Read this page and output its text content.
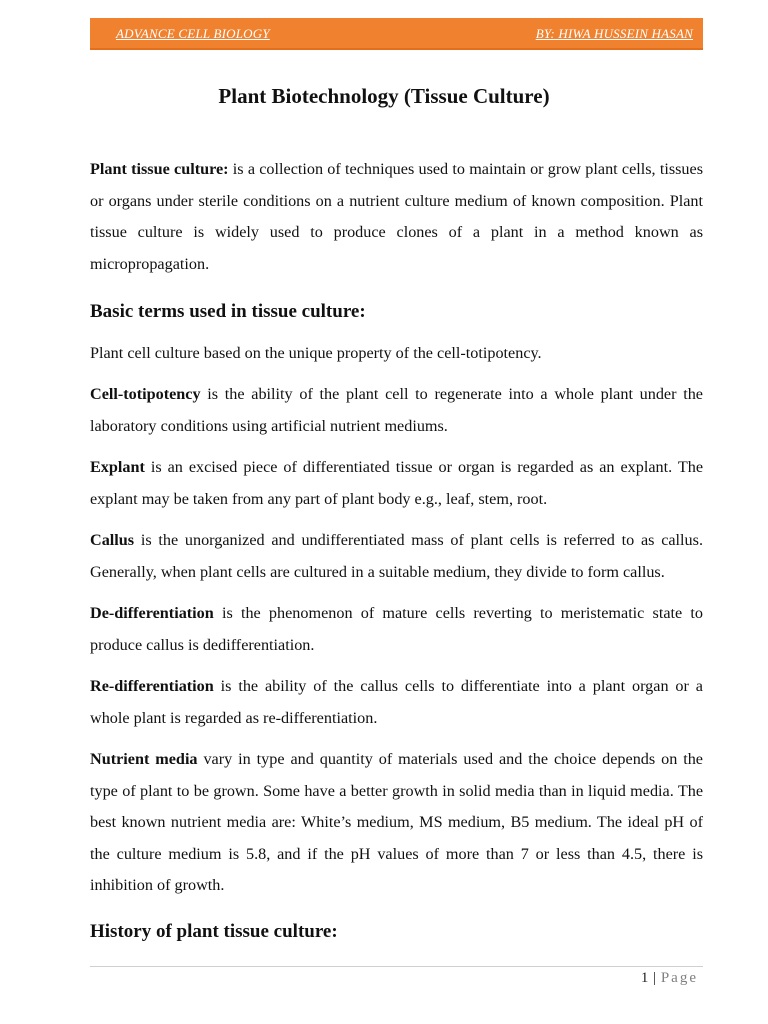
ADVANCE CELL BIOLOGY	BY: HIWA HUSSEIN HASAN
Plant Biotechnology (Tissue Culture)

Plant tissue culture: is a collection of techniques used to maintain or grow plant cells, tissues or organs under sterile conditions on a nutrient culture medium of known composition. Plant tissue culture is widely used to produce clones of a plant in a method known as micropropagation.

Basic terms used in tissue culture:

Plant cell culture based on the unique property of the cell-totipotency.

Cell-totipotency is the ability of the plant cell to regenerate into a whole plant under the laboratory conditions using artificial nutrient mediums.

Explant is an excised piece of differentiated tissue or organ is regarded as an explant. The explant may be taken from any part of plant body e.g., leaf, stem, root.

Callus is the unorganized and undifferentiated mass of plant cells is referred to as callus. Generally, when plant cells are cultured in a suitable medium, they divide to form callus.

De-differentiation is the phenomenon of mature cells reverting to meristematic state to produce callus is dedifferentiation.

Re-differentiation is the ability of the callus cells to differentiate into a plant organ or a whole plant is regarded as re-differentiation.

Nutrient media vary in type and quantity of materials used and the choice depends on the type of plant to be grown. Some have a better growth in solid media than in liquid media. The best known nutrient media are: White’s medium, MS medium, B5 medium. The ideal pH of the culture medium is 5.8, and if the pH values of more than 7 or less than 4.5, there is inhibition of growth.

History of plant tissue culture:
1 | Page
